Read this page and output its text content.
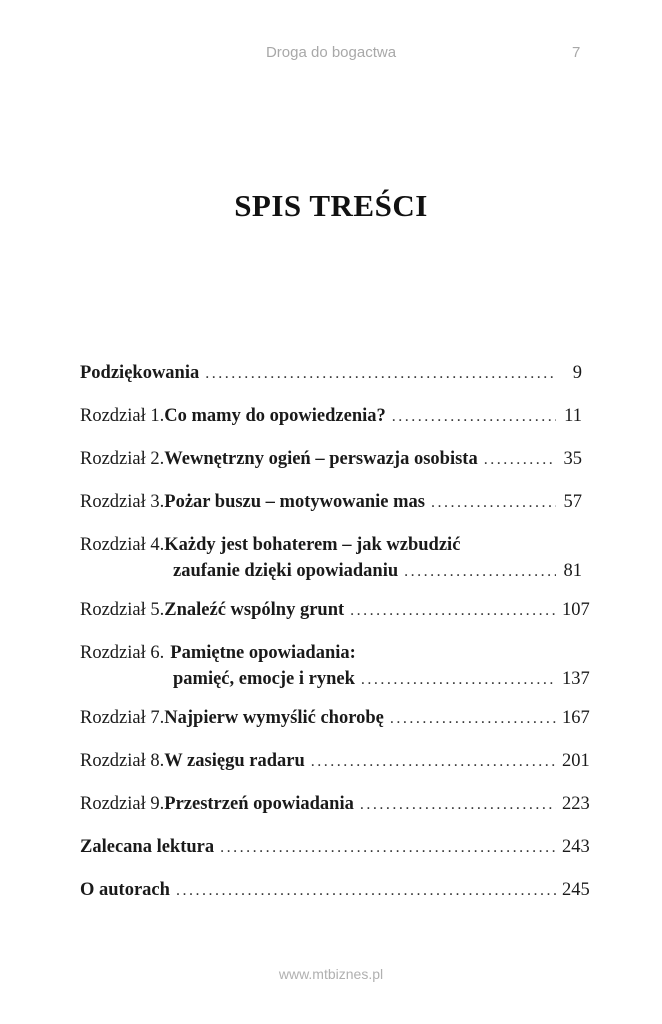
Droga do bogactwa	7
SPIS TREŚCI
Podziękowania . . .	9
Rozdział 1. Co mamy do opowiedzenia? . . .	11
Rozdział 2. Wewnętrzny ogień – perswazja osobista . . .	35
Rozdział 3. Pożar buszu – motywowanie mas . . .	57
Rozdział 4. Każdy jest bohaterem – jak wzbudzić
zaufanie dzięki opowiadaniu . . .	81
Rozdział 5. Znaleźć wspólny grunt . . .	107
Rozdział 6. Pamiętne opowiadania:
pamięć, emocje i rynek . . .	137
Rozdział 7. Najpierw wymyślić chorobę . . .	167
Rozdział 8. W zasięgu radaru . . .	201
Rozdział 9. Przestrzeń opowiadania . . .	223
Zalecana lektura . . .	243
O autorach . . .	245
www.mtbiznes.pl
